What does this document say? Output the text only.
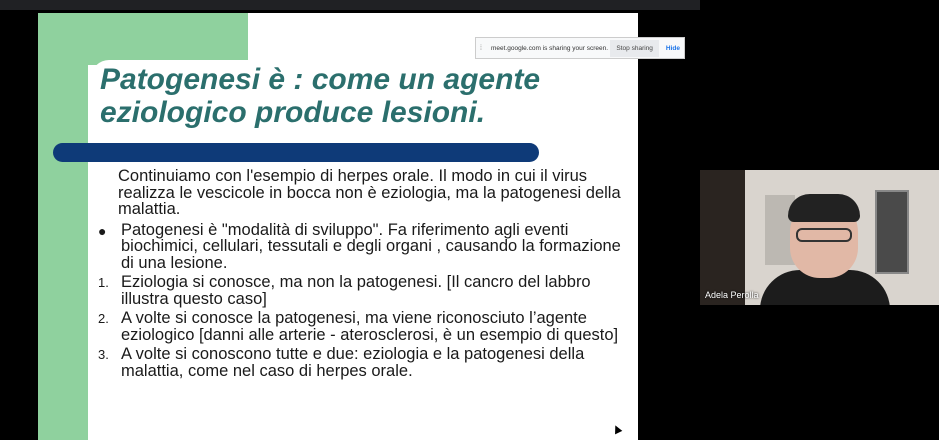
Patogenesi è : come un agente eziologico produce lesioni.

Continuiamo con l'esempio di herpes orale. Il modo in cui il virus realizza le vescicole in bocca non è eziologia, ma la patogenesi della malattia.

● Patogenesi è "modalità di sviluppo". Fa riferimento agli eventi biochimici, cellulari, tessutali e degli organi , causando la formazione di una lesione.
1. Eziologia si conosce, ma non la patogenesi. [Il cancro del labbro illustra questo caso]
2. A volte si conosce la patogenesi, ma viene riconosciuto l’agente eziologico [danni alle arterie - aterosclerosi, è un esempio di questo]
3. A volte si conoscono tutte e due: eziologia e la patogenesi della malattia, come nel caso di herpes orale.
⁞	meet.google.com is sharing your screen.	Stop sharing	Hide
Adela Perolla
